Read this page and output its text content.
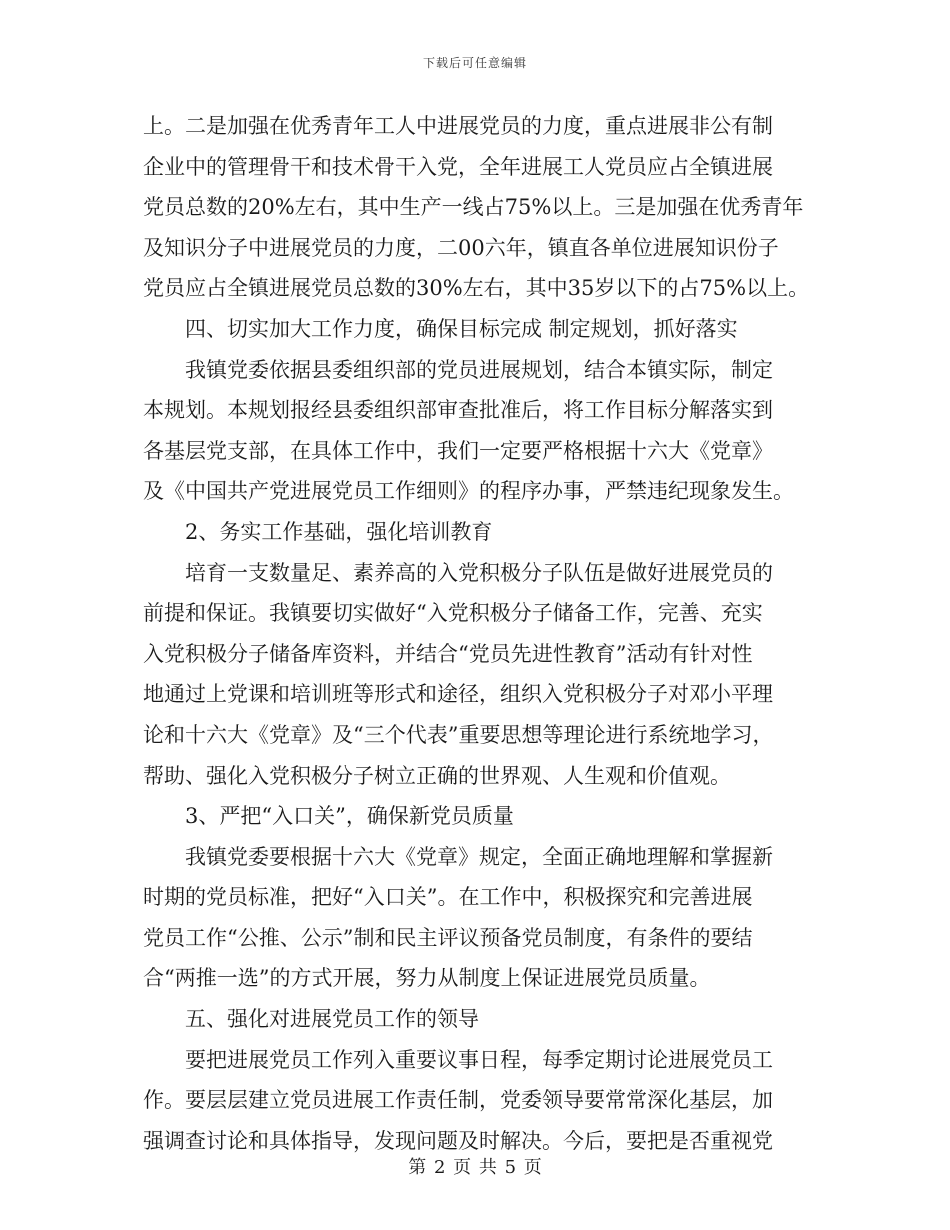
下载后可任意编辑
上。二是加强在优秀青年工人中进展党员的力度，重点进展非公有制
企业中的管理骨干和技术骨干入党，全年进展工人党员应占全镇进展
党员总数的20%左右，其中生产一线占75%以上。三是加强在优秀青年
及知识分子中进展党员的力度，二00六年，镇直各单位进展知识份子
党员应占全镇进展党员总数的30%左右，其中35岁以下的占75%以上。
四、切实加大工作力度，确保目标完成 制定规划，抓好落实
我镇党委依据县委组织部的党员进展规划，结合本镇实际，制定
本规划。本规划报经县委组织部审查批准后，将工作目标分解落实到
各基层党支部，在具体工作中，我们一定要严格根据十六大《党章》
及《中国共产党进展党员工作细则》的程序办事，严禁违纪现象发生。
2、务实工作基础，强化培训教育
培育一支数量足、素养高的入党积极分子队伍是做好进展党员的
前提和保证。我镇要切实做好“入党积极分子储备工作，完善、充实
入党积极分子储备库资料，并结合“党员先进性教育”活动有针对性
地通过上党课和培训班等形式和途径，组织入党积极分子对邓小平理
论和十六大《党章》及“三个代表”重要思想等理论进行系统地学习，
帮助、强化入党积极分子树立正确的世界观、人生观和价值观。
3、严把“入口关”，确保新党员质量
我镇党委要根据十六大《党章》规定，全面正确地理解和掌握新
时期的党员标准，把好“入口关”。在工作中，积极探究和完善进展
党员工作“公推、公示”制和民主评议预备党员制度，有条件的要结
合“两推一选”的方式开展，努力从制度上保证进展党员质量。
五、强化对进展党员工作的领导
要把进展党员工作列入重要议事日程，每季定期讨论进展党员工
作。要层层建立党员进展工作责任制，党委领导要常常深化基层，加
强调查讨论和具体指导，发现问题及时解决。今后，要把是否重视党
第 2 页 共 5 页
